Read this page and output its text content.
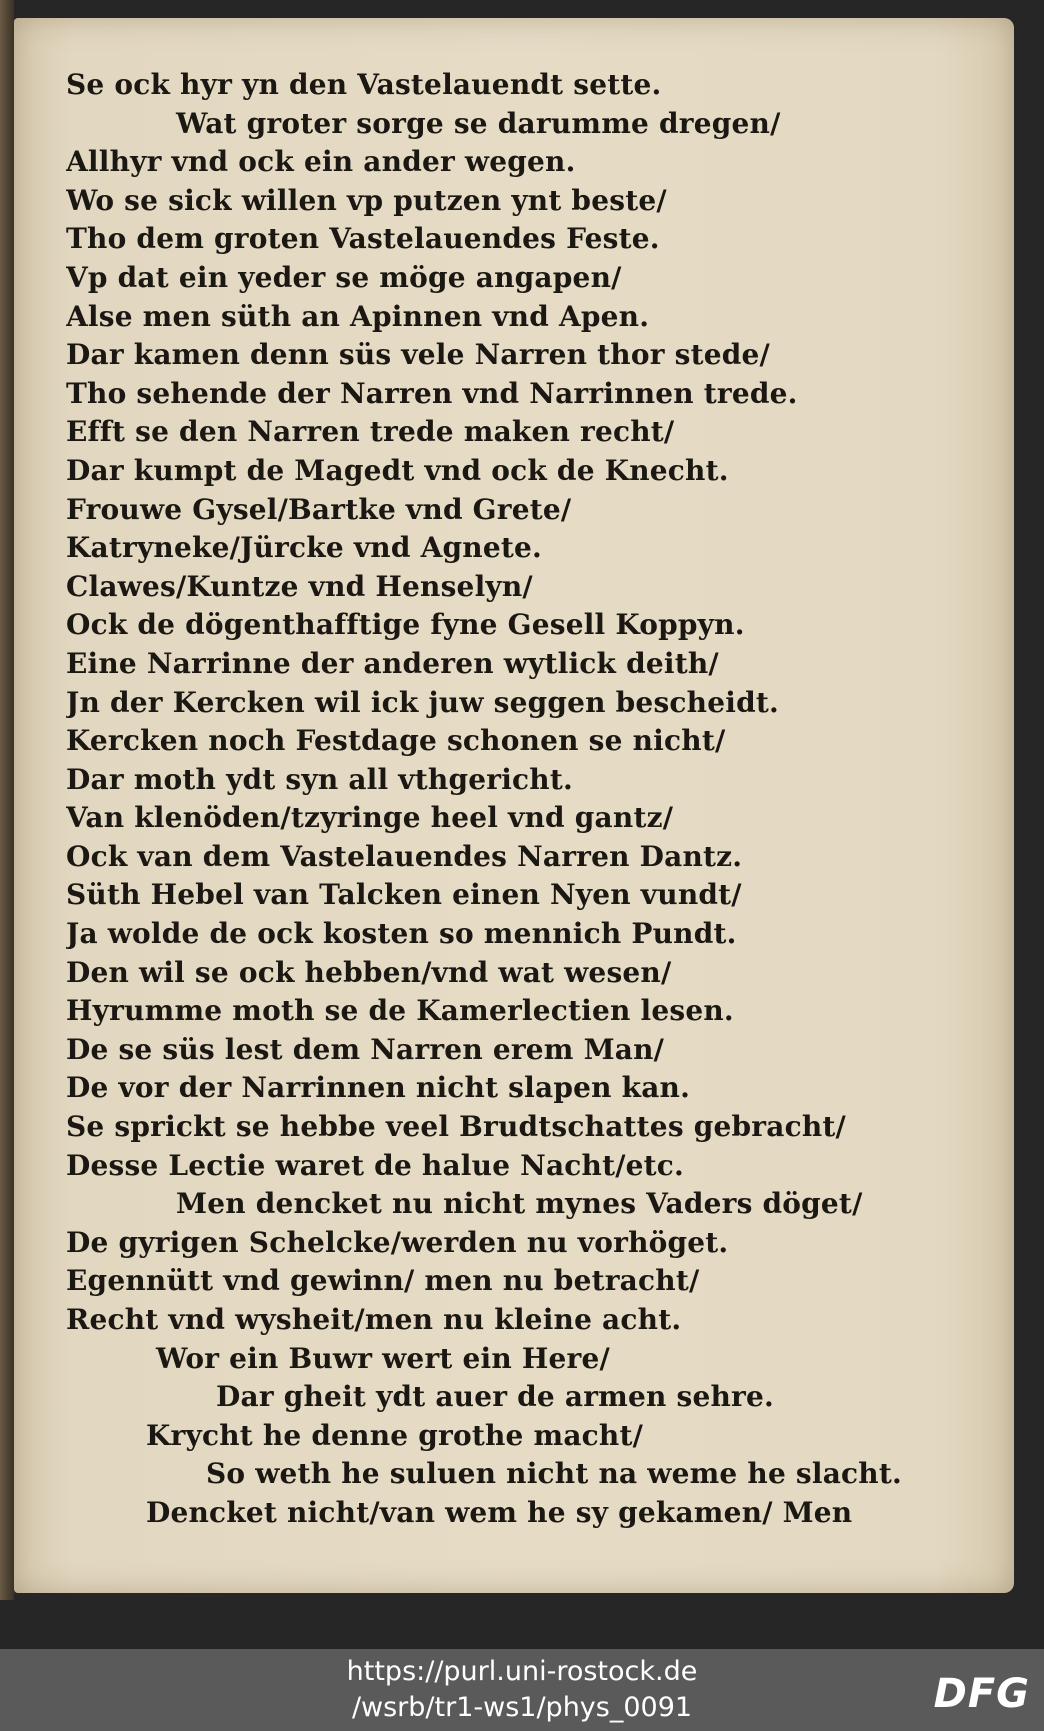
Se ock hyr yn den Vastelauendt sette.
Wat groter sorge se darumme dregen/
Allhyr vnd ock ein ander wegen.
Wo se sick willen vp putzen ynt beste/
Tho dem groten Vastelauendes Feste.
Vp dat ein yeder se möge angapen/
Alse men süth an Apinnen vnd Apen.
Dar kamen denn süs vele Narren thor stede/
Tho sehende der Narren vnd Narrinnen trede.
Efft se den Narren trede maken recht/
Dar kumpt de Magedt vnd ock de Knecht.
Frouwe Gysel/Bartke vnd Grete/
Katryneke/Jürcke vnd Agnete.
Clawes/Kuntze vnd Henselyn/
Ock de dögenthafftige fyne Gesell Koppyn.
Eine Narrinne der anderen wytlick deith/
Jn der Kercken wil ick juw seggen bescheidt.
Kercken noch Festdage schonen se nicht/
Dar moth ydt syn all vthgericht.
Van klenöden/tzyringe heel vnd gantz/
Ock van dem Vastelauendes Narren Dantz.
Süth Hebel van Talcken einen Nyen vundt/
Ja wolde de ock kosten so mennich Pundt.
Den wil se ock hebben/vnd wat wesen/
Hyrumme moth se de Kamerlectien lesen.
De se süs lest dem Narren erem Man/
De vor der Narrinnen nicht slapen kan.
Se sprickt se hebbe veel Brudtschattes gebracht/
Desse Lectie waret de halue Nacht/etc.
Men dencket nu nicht mynes Vaders döget/
De gyrigen Schelcke/werden nu vorhöget.
Egennütt vnd gewinn/ men nu betracht/
Recht vnd wysheit/men nu kleine acht.
Wor ein Buwr wert ein Here/
Dar gheit ydt auer de armen sehre.
Krycht he denne grothe macht/
So weth he suluen nicht na weme he slacht.
Dencket nicht/van wem he sy gekamen/ Men
https://purl.uni-rostock.de
/wsrb/tr1-ws1/phys_0091	DFG
